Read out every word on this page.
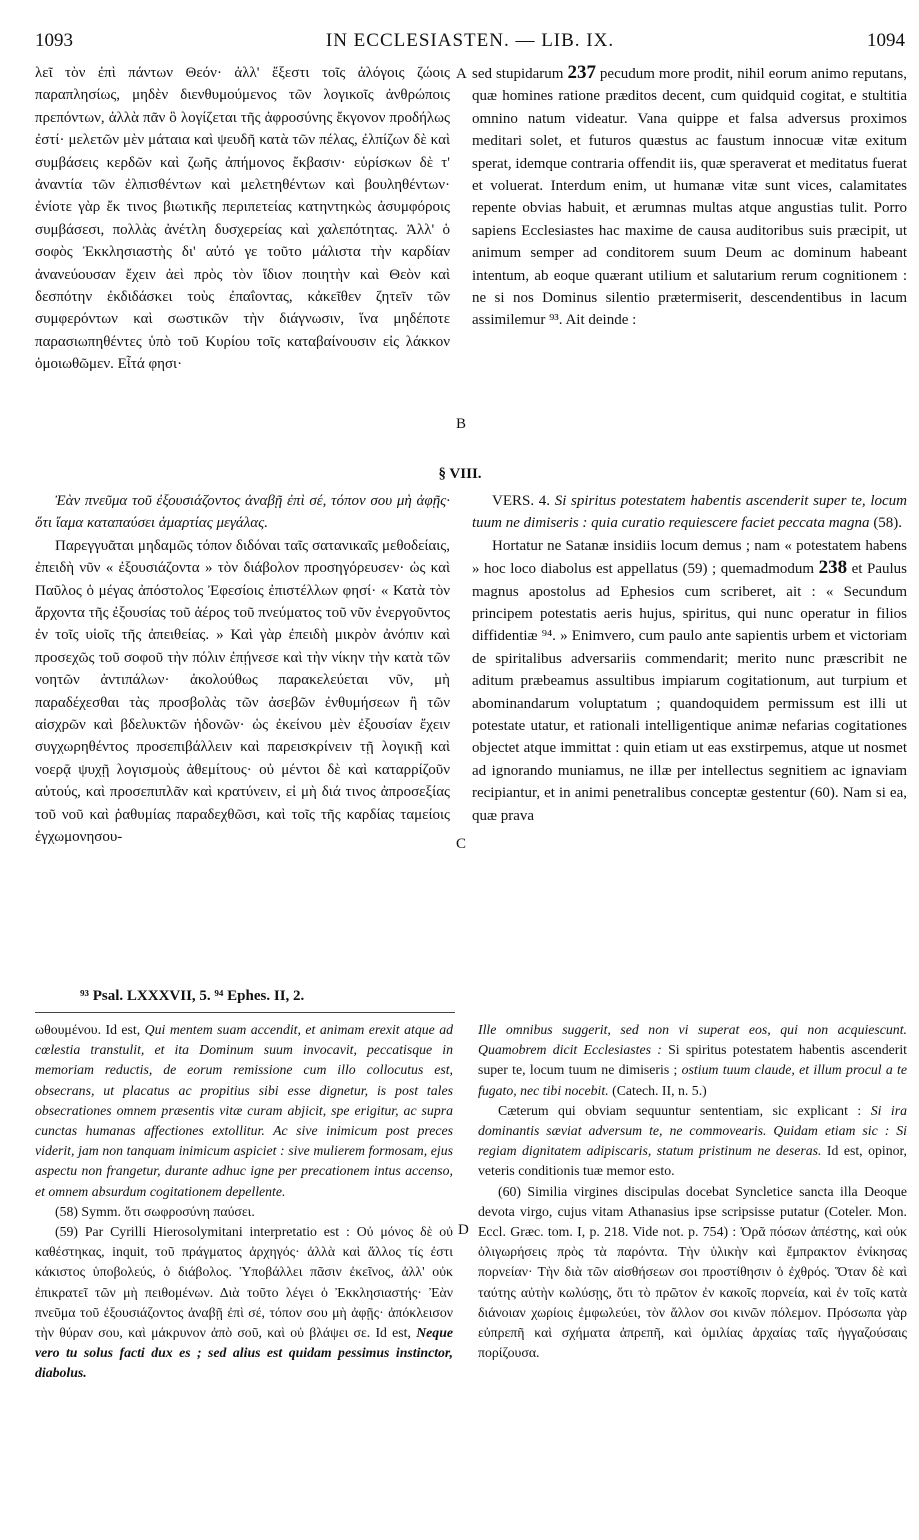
1093	IN ECCLESIASTEN. — LIB. IX.	1094

λεῖ τὸν ἐπὶ πάντων Θεόν· ἀλλ' ἔξεστι τοῖς ἀλόγοις ζώοις παραπλησίως, μηδὲν διενθυμούμενος τῶν λογικοῖς ἀνθρώποις πρεπόντων, ἀλλὰ πᾶν ὃ λογίζεται τῆς ἀφροσύνης ἔκγονον προδήλως ἐστί· μελετῶν μὲν μάταια καὶ ψευδῆ κατὰ τῶν πέλας, ἐλπίζων δὲ καὶ συμβάσεις κερδῶν καὶ ζωῆς ἀπήμονος ἔκβασιν· εὑρίσκων δὲ τ' ἀναντία τῶν ἐλπισθέντων καὶ μελετηθέντων καὶ βουληθέντων· ἐνίοτε γὰρ ἔκ τινος βιωτικῆς περιπετείας κατηντηκὼς ἀσυμφόροις συμβάσεσι, πολλὰς ἀνέτλη δυσχερείας καὶ χαλεπότητας. Ἀλλ' ὁ σοφὸς Ἐκκλησιαστὴς δι' αὐτό γε τοῦτο μάλιστα τὴν καρδίαν ἀνανεύουσαν ἔχειν ἀεὶ πρὸς τὸν ἴδιον ποιητὴν καὶ Θεὸν καὶ δεσπότην ἐκδιδάσκει τοὺς ἐπαΐοντας, κἀκεῖθεν ζητεῖν τῶν συμφερόντων καὶ σωστικῶν τὴν διάγνωσιν, ἵνα μηδέποτε παρασιωπηθέντες ὑπὸ τοῦ Κυρίου τοῖς καταβαίνουσιν εἰς λάκκον ὁμοιωθῶμεν. Εἶτά φησι·

sed stupidarum 237 pecudum more prodit, nihil eorum animo reputans, quæ homines ratione præditos decent, cum quidquid cogitat, e stultitia omnino natum videatur. Vana quippe et falsa adversus proximos meditari solet, et futuros quæstus ac faustum innocuæ vitæ exitum sperat, idemque contraria offendit iis, quæ speraverat et meditatus fuerat et voluerat. Interdum enim, ut humanæ vitæ sunt vices, calamitates repente obvias habuit, et ærumnas multas atque angustias tulit. Porro sapiens Ecclesiastes hac maxime de causa auditoribus suis præcipit, ut animum semper ad conditorem suum Deum ac dominum habeant intentum, ab eoque quærant utilium et salutarium rerum cognitionem : ne si nos Dominus silentio prætermiserit, descendentibus in lacum assimilemur ⁹³. Ait deinde :

A
B
§ VIII.

Ἐὰν πνεῦμα τοῦ ἐξουσιάζοντος ἀναβῇ ἐπὶ σέ, τόπον σου μὴ ἀφῇς· ὅτι ἴαμα καταπαύσει ἁμαρτίας μεγάλας.

Παρεγγυᾶται μηδαμῶς τόπον διδόναι ταῖς σατανικαῖς μεθοδείαις, ἐπειδὴ νῦν « ἐξουσιάζοντα » τὸν διάβολον προσηγόρευσεν· ὡς καὶ Παῦλος ὁ μέγας ἀπόστολος Ἐφεσίοις ἐπιστέλλων φησί· « Κατὰ τὸν ἄρχοντα τῆς ἐξουσίας τοῦ ἀέρος τοῦ πνεύματος τοῦ νῦν ἐνεργοῦντος ἐν τοῖς υἱοῖς τῆς ἀπειθείας. » Καὶ γὰρ ἐπειδὴ μικρὸν ἀνόπιν καὶ προσεχῶς τοῦ σοφοῦ τὴν πόλιν ἐπῄνεσε καὶ τὴν νίκην τὴν κατὰ τῶν νοητῶν ἀντιπάλων· ἀκολούθως παρακελεύεται νῦν, μὴ παραδέχεσθαι τὰς προσβολὰς τῶν ἀσεβῶν ἐνθυμήσεων ἢ τῶν αἰσχρῶν καὶ βδελυκτῶν ἡδονῶν· ὡς ἐκείνου μὲν ἐξουσίαν ἔχειν συγχωρηθέντος προσεπιβάλλειν καὶ παρεισκρίνειν τῇ λογικῇ καὶ νοερᾷ ψυχῇ λογισμοὺς ἀθεμίτους· οὐ μέντοι δὲ καὶ καταρρίζοῦν αὐτούς, καὶ προσεπιπλᾶν καὶ κρατύνειν, εἰ μὴ διά τινος ἀπροσεξίας τοῦ νοῦ καὶ ῥαθυμίας παραδεχθῶσι, καὶ τοῖς τῆς καρδίας ταμείοις ἐγχωμονησου-

VERS. 4. Si spiritus potestatem habentis ascenderit super te, locum tuum ne dimiseris : quia curatio requiescere faciet peccata magna (58).

Hortatur ne Satanæ insidiis locum demus ; nam « potestatem habens » hoc loco diabolus est appellatus (59) ; quemadmodum 238 et Paulus magnus apostolus ad Ephesios cum scriberet, ait : « Secundum principem potestatis aeris hujus, spiritus, qui nunc operatur in filios diffidentiæ ⁹⁴. » Enimvero, cum paulo ante sapientis urbem et victoriam de spiritalibus adversariis commendarit; merito nunc præscribit ne aditum præbeamus assultibus impiarum cogitationum, aut turpium et abominandarum voluptatum ; quandoquidem permissum est illi ut potestate utatur, et rationali intelligentique animæ nefarias cogitationes objectet atque immittat : quin etiam ut eas exstirpemus, atque ut nosmet ad ignorando muniamus, ne illæ per intellectus segnitiem ac ignaviam recipiantur, et in animi penetralibus conceptæ gestentur (60). Nam si ea, quæ prava

C
⁹³ Psal. LXXXVII, 5. ⁹⁴ Ephes. II, 2.

ωθουμένου. Id est, Qui mentem suam accendit, et animam erexit atque ad cœlestia transtulit, et ita Dominum suum invocavit, peccatisque in memoriam reductis, de eorum remissione cum illo collocutus est, obsecrans, ut placatus ac propitius sibi esse dignetur, is post tales obsecrationes omnem præsentis vitæ curam abjicit, spe erigitur, ac supra cunctas humanas affectiones extollitur. Ac sive inimicum post preces viderit, jam non tanquam inimicum aspiciet : sive mulierem formosam, ejus aspectu non frangetur, durante adhuc igne per precationem intus accenso, et omnem absurdum cogitationem depellente.

(58) Symm. ὅτι σωφροσύνη παύσει.

(59) Par Cyrilli Hierosolymitani interpretatio est : Οὐ μόνος δὲ οὐ καθέστηκας, inquit, τοῦ πράγματος ἀρχηγός· ἀλλὰ καὶ ἄλλος τίς ἐστι κάκιστος ὑποβολεύς, ὁ διάβολος. Ὑποβάλλει πᾶσιν ἐκεῖνος, ἀλλ' οὐκ ἐπικρατεῖ τῶν μὴ πειθομένων. Διὰ τοῦτο λέγει ὁ Ἐκκλησιαστής· Ἐὰν πνεῦμα τοῦ ἐξουσιάζοντος ἀναβῇ ἐπὶ σέ, τόπον σου μὴ ἀφῇς· ἀπόκλεισον τὴν θύραν σου, καὶ μάκρυνον ἀπὸ σοῦ, καὶ οὐ βλάψει σε. Id est, Neque vero tu solus facti dux es ; sed alius est quidam pessimus instinctor, diabolus.

Ille omnibus suggerit, sed non vi superat eos, qui non acquiescunt. Quamobrem dicit Ecclesiastes : Si spiritus potestatem habentis ascenderit super te, locum tuum ne dimiseris ; ostium tuum claude, et illum procul a te fugato, nec tibi nocebit. (Catech. II, n. 5.)

Cæterum qui obviam sequuntur sententiam, sic explicant : Si ira dominantis sæviat adversum te, ne commovearis. Quidam etiam sic : Si regiam dignitatem adipiscaris, statum pristinum ne deseras. Id est, opinor, veteris conditionis tuæ memor esto.

(60) Similia virgines discipulas docebat Syncletice sancta illa Deoque devota virgo, cujus vitam Athanasius ipse scripsisse putatur (Coteler. Mon. Eccl. Græc. tom. I, p. 218. Vide not. p. 754) : Ὁρᾶ πόσων ἀπέστης, καὶ οὐκ ὀλιγωρήσεις πρὸς τὰ παρόντα. Τὴν ὑλικὴν καὶ ἔμπρακτον ἐνίκησας πορνείαν· Τὴν διὰ τῶν αἰσθήσεων σοι προστίθησιν ὁ ἐχθρός. Ὅταν δὲ καὶ ταύτης αὐτὴν κωλύσῃς, ὅτι τὸ πρῶτον ἐν κακοῖς πορνεία, καὶ ἐν τοῖς κατὰ διάνοιαν χωρίοις ἐμφωλεύει, τὸν ἄλλον σοι κινῶν πόλεμον. Πρόσωπα γὰρ εὐπρεπῆ καὶ σχήματα ἀπρεπῆ, καὶ ὁμιλίας ἀρχαίας ταῖς ἡγγαζούσαις πορίζουσα.

D
